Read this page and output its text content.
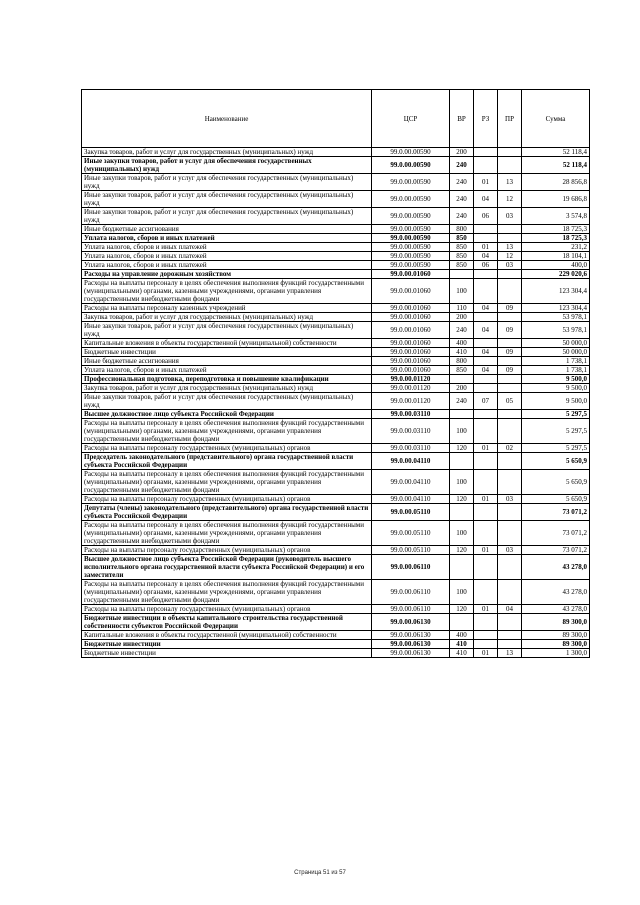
Наименование	ЦСР	ВР	РЗ	ПР	Сумма
Закупка товаров, работ и услуг для государственных (муниципальных) нужд	99.0.00.00590	200			52 118,4
Иные закупки товаров, работ и услуг для обеспечения государственных (муниципальных) нужд	99.0.00.00590	240			52 118,4
Иные закупки товаров, работ и услуг для обеспечения государственных (муниципальных) нужд	99.0.00.00590	240	01	13	28 856,8
Иные закупки товаров, работ и услуг для обеспечения государственных (муниципальных) нужд	99.0.00.00590	240	04	12	19 686,8
Иные закупки товаров, работ и услуг для обеспечения государственных (муниципальных) нужд	99.0.00.00590	240	06	03	3 574,8
Иные бюджетные ассигнования	99.0.00.00590	800			18 725,3
Уплата налогов, сборов и иных платежей	99.0.00.00590	850			18 725,3
Уплата налогов, сборов и иных платежей	99.0.00.00590	850	01	13	231,2
Уплата налогов, сборов и иных платежей	99.0.00.00590	850	04	12	18 104,1
Уплата налогов, сборов и иных платежей	99.0.00.00590	850	06	03	400,0
Расходы на управление дорожным хозяйством	99.0.00.01060				229 020,6
Расходы на выплаты персоналу в целях обеспечения выполнения функций государственными (муниципальными) органами, казенными учреждениями, органами управления государственными внебюджетными фондами	99.0.00.01060	100			123 304,4
Расходы на выплаты персоналу казенных учреждений	99.0.00.01060	110	04	09	123 304,4
Закупка товаров, работ и услуг для государственных (муниципальных) нужд	99.0.00.01060	200			53 978,1
Иные закупки товаров, работ и услуг для обеспечения государственных (муниципальных) нужд	99.0.00.01060	240	04	09	53 978,1
Капитальные вложения в объекты государственной (муниципальной) собственности	99.0.00.01060	400			50 000,0
Бюджетные инвестиции	99.0.00.01060	410	04	09	50 000,0
Иные бюджетные ассигнования	99.0.00.01060	800			1 738,1
Уплата налогов, сборов и иных платежей	99.0.00.01060	850	04	09	1 738,1
Профессиональная подготовка, переподготовка и повышение квалификации	99.0.00.01120				9 500,0
Закупка товаров, работ и услуг для государственных (муниципальных) нужд	99.0.00.01120	200			9 500,0
Иные закупки товаров, работ и услуг для обеспечения государственных (муниципальных) нужд	99.0.00.01120	240	07	05	9 500,0
Высшее должностное лицо субъекта Российской Федерации	99.0.00.03110				5 297,5
Расходы на выплаты персоналу в целях обеспечения выполнения функций государственными (муниципальными) органами, казенными учреждениями, органами управления государственными внебюджетными фондами	99.0.00.03110	100			5 297,5
Расходы на выплаты персоналу государственных (муниципальных) органов	99.0.00.03110	120	01	02	5 297,5
Председатель законодательного (представительного) органа государственной власти субъекта Российской Федерации	99.0.00.04110				5 650,9
Расходы на выплаты персоналу в целях обеспечения выполнения функций государственными (муниципальными) органами, казенными учреждениями, органами управления государственными внебюджетными фондами	99.0.00.04110	100			5 650,9
Расходы на выплаты персоналу государственных (муниципальных) органов	99.0.00.04110	120	01	03	5 650,9
Депутаты (члены) законодательного (представительного) органа государственной власти субъекта Российской Федерации	99.0.00.05110				73 071,2
Расходы на выплаты персоналу в целях обеспечения выполнения функций государственными (муниципальными) органами, казенными учреждениями, органами управления государственными внебюджетными фондами	99.0.00.05110	100			73 071,2
Расходы на выплаты персоналу государственных (муниципальных) органов	99.0.00.05110	120	01	03	73 071,2
Высшее должностное лицо субъекта Российской Федерации (руководитель высшего исполнительного органа государственной власти субъекта Российской Федерации) и его заместители	99.0.00.06110				43 278,0
Расходы на выплаты персоналу в целях обеспечения выполнения функций государственными (муниципальными) органами, казенными учреждениями, органами управления государственными внебюджетными фондами	99.0.00.06110	100			43 278,0
Расходы на выплаты персоналу государственных (муниципальных) органов	99.0.00.06110	120	01	04	43 278,0
Бюджетные инвестиции в объекты капитального строительства государственной собственности субъектов Российской Федерации	99.0.00.06130				89 300,0
Капитальные вложения в объекты государственной (муниципальной) собственности	99.0.00.06130	400			89 300,0
Бюджетные инвестиции	99.0.00.06130	410			89 300,0
Бюджетные инвестиции	99.0.00.06130	410	01	13	1 300,0
Страница 51 из 57
